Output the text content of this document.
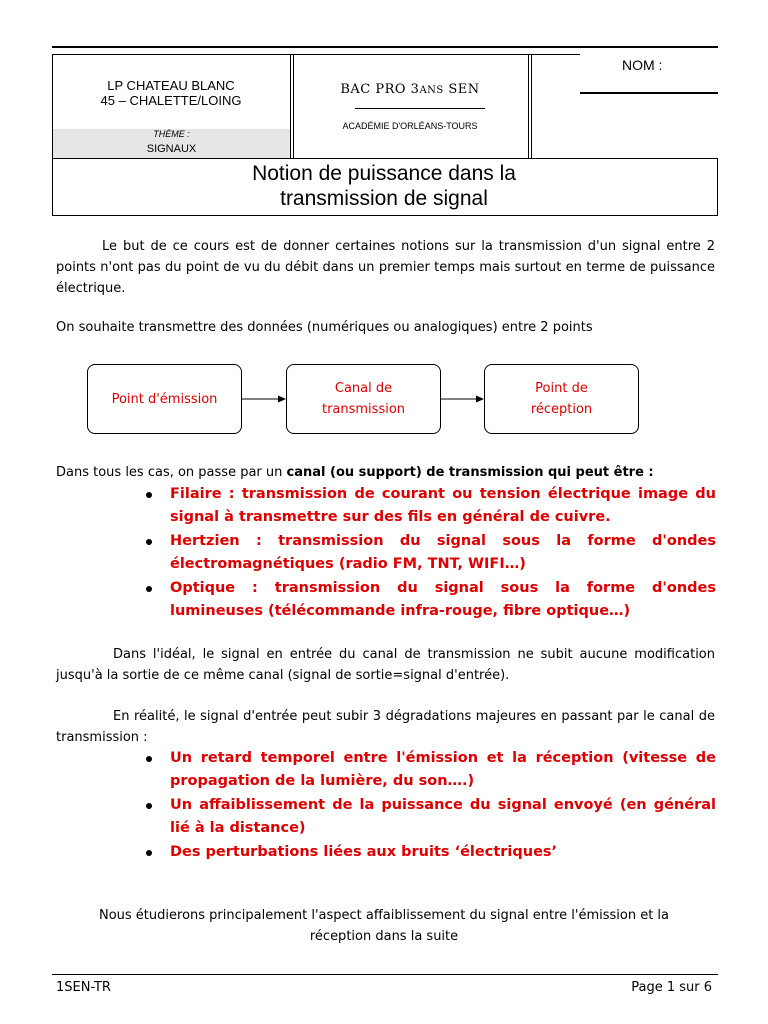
LP CHATEAU BLANC
45 – CHALETTE/LOING
THÈME :
SIGNAUX
BAC PRO 3ANS SEN
ACADÉMIE D'ORLÉANS-TOURS
NOM :
Notion de puissance dans la
transmission de signal
Le but de ce cours est de donner certaines notions sur la transmission d'un signal entre 2 points n'ont pas du point de vu du débit dans un premier temps mais surtout en terme de puissance électrique.
On souhaite transmettre des données (numériques ou analogiques) entre 2 points
Point d'émission
Canal de
transmission
Point de
réception
Dans tous les cas, on passe par un canal (ou support) de transmission qui peut être :
Filaire : transmission de courant ou tension électrique image du
signal à transmettre sur des fils en général de cuivre.
Hertzien : transmission du signal sous la forme d'ondes
électromagnétiques (radio FM, TNT, WIFI…)
Optique : transmission du signal sous la forme d'ondes
lumineuses (télécommande infra-rouge, fibre optique…)
Dans l'idéal, le signal en entrée du canal de transmission ne subit aucune modification jusqu'à la sortie de ce même canal (signal de sortie=signal d'entrée).
En réalité, le signal d'entrée peut subir 3 dégradations majeures en passant par le canal de transmission :
Un retard temporel entre l'émission et la réception (vitesse de
propagation de la lumière, du son….)
Un affaiblissement de la puissance du signal envoyé (en général
lié à la distance)
Des perturbations liées aux bruits ‘électriques’
Nous étudierons principalement l'aspect affaiblissement du signal entre l'émission et la
réception dans la suite
1SEN-TR	Page 1 sur 6
